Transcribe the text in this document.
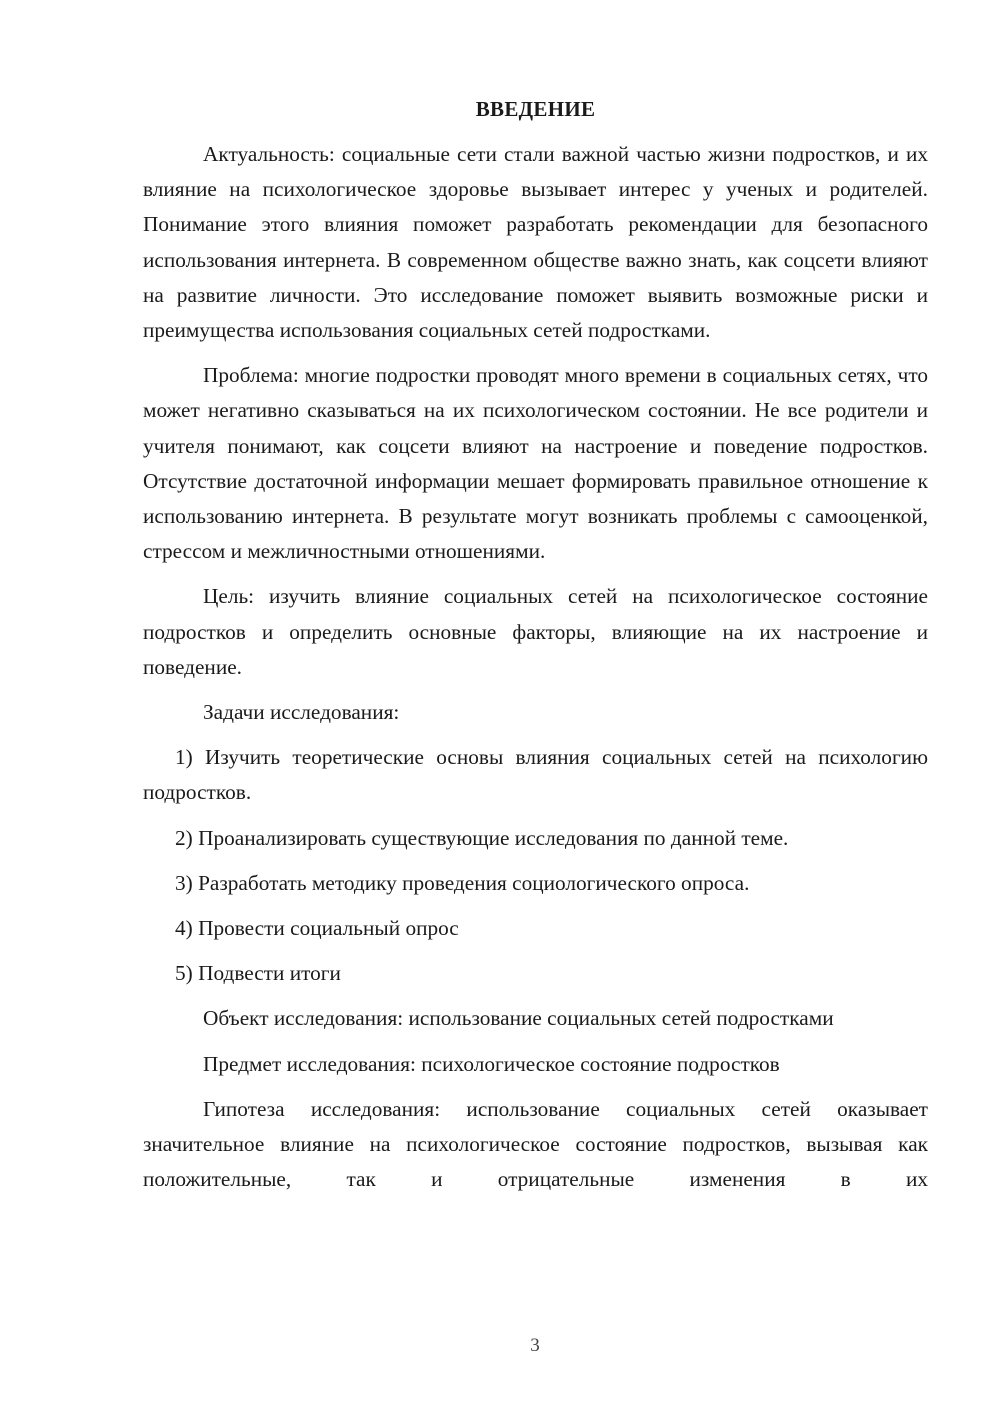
ВВЕДЕНИЕ

Актуальность: социальные сети стали важной частью жизни подростков, и их влияние на психологическое здоровье вызывает интерес у ученых и родителей. Понимание этого влияния поможет разработать рекомендации для безопасного использования интернета. В современном обществе важно знать, как соцсети влияют на развитие личности. Это исследование поможет выявить возможные риски и преимущества использования социальных сетей подростками.

Проблема: многие подростки проводят много времени в социальных сетях, что может негативно сказываться на их психологическом состоянии. Не все родители и учителя понимают, как соцсети влияют на настроение и поведение подростков. Отсутствие достаточной информации мешает формировать правильное отношение к использованию интернета. В результате могут возникать проблемы с самооценкой, стрессом и межличностными отношениями.

Цель: изучить влияние социальных сетей на психологическое состояние подростков и определить основные факторы, влияющие на их настроение и поведение.

Задачи исследования:

1) Изучить теоретические основы влияния социальных сетей на психологию подростков.

2) Проанализировать существующие исследования по данной теме.

3) Разработать методику проведения социологического опроса.

4) Провести социальный опрос

5) Подвести итоги

Объект исследования: использование социальных сетей подростками

Предмет исследования: психологическое состояние подростков

Гипотеза исследования: использование социальных сетей оказывает значительное влияние на психологическое состояние подростков, вызывая как положительные, так и отрицательные изменения в их

3
